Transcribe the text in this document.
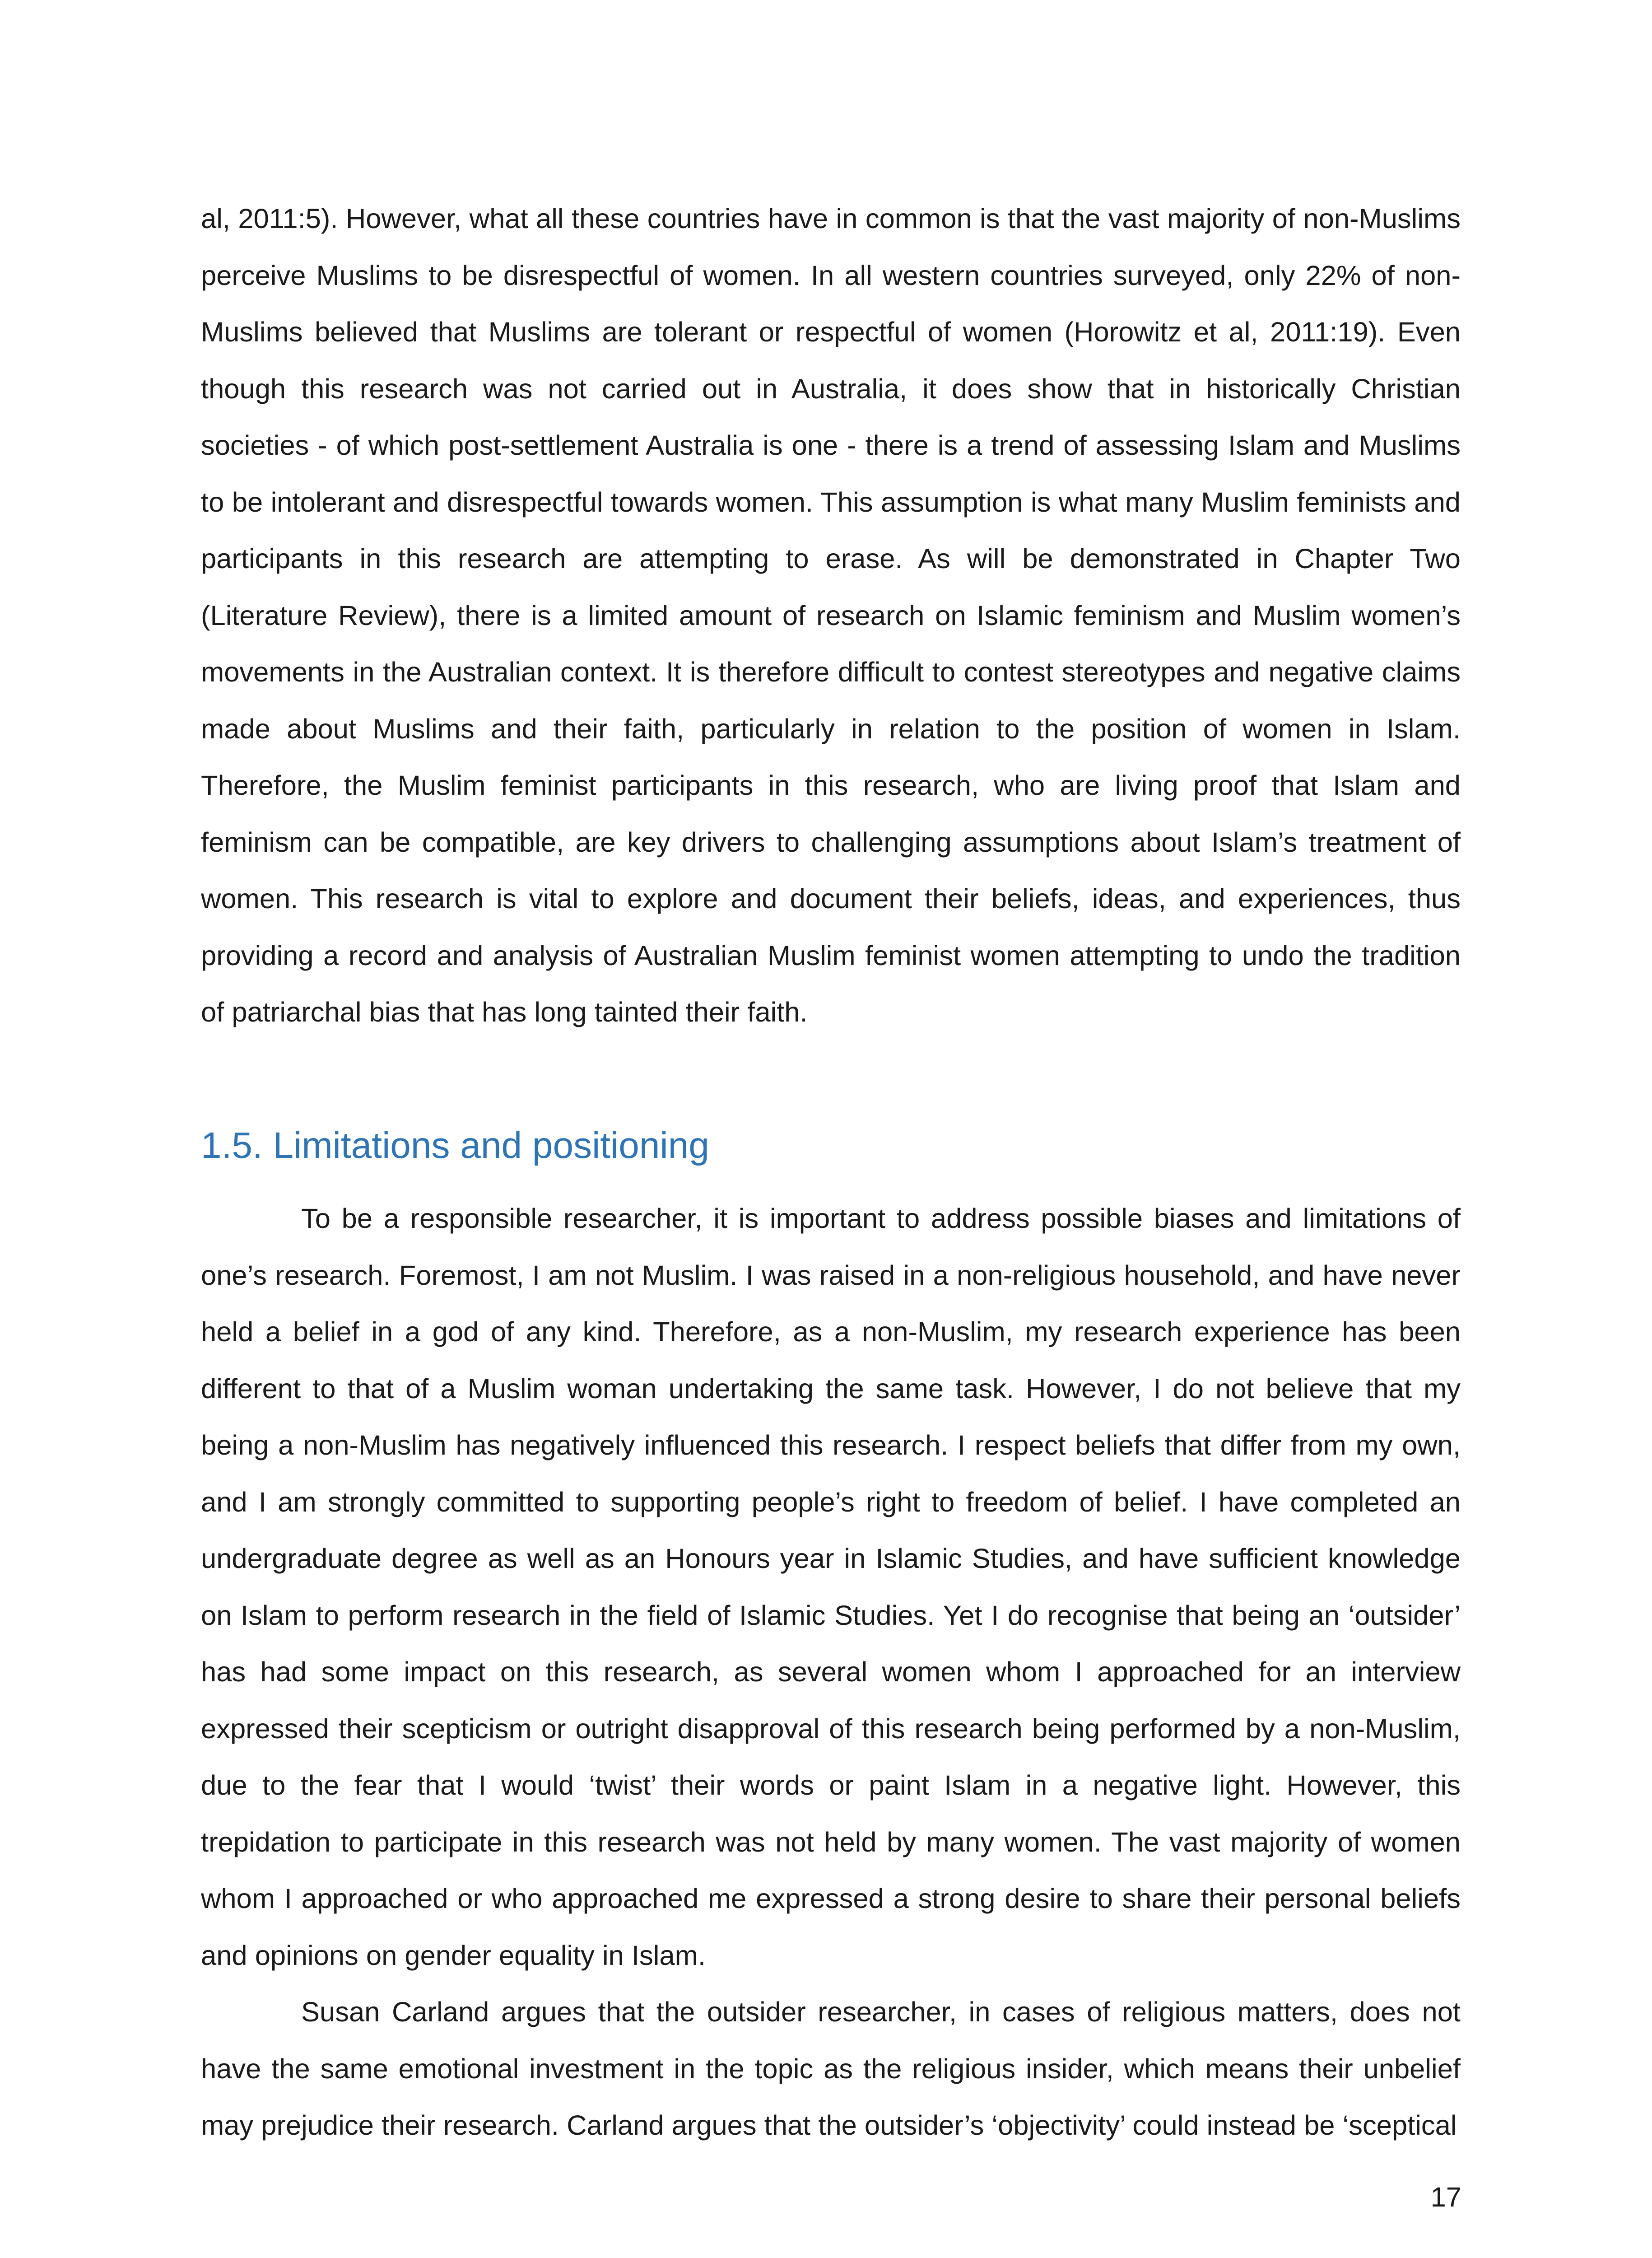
al, 2011:5). However, what all these countries have in common is that the vast majority of non-Muslims perceive Muslims to be disrespectful of women. In all western countries surveyed, only 22% of non-Muslims believed that Muslims are tolerant or respectful of women (Horowitz et al, 2011:19). Even though this research was not carried out in Australia, it does show that in historically Christian societies - of which post-settlement Australia is one - there is a trend of assessing Islam and Muslims to be intolerant and disrespectful towards women. This assumption is what many Muslim feminists and participants in this research are attempting to erase. As will be demonstrated in Chapter Two (Literature Review), there is a limited amount of research on Islamic feminism and Muslim women’s movements in the Australian context. It is therefore difficult to contest stereotypes and negative claims made about Muslims and their faith, particularly in relation to the position of women in Islam. Therefore, the Muslim feminist participants in this research, who are living proof that Islam and feminism can be compatible, are key drivers to challenging assumptions about Islam’s treatment of women. This research is vital to explore and document their beliefs, ideas, and experiences, thus providing a record and analysis of Australian Muslim feminist women attempting to undo the tradition of patriarchal bias that has long tainted their faith.

1.5. Limitations and positioning

To be a responsible researcher, it is important to address possible biases and limitations of one’s research. Foremost, I am not Muslim. I was raised in a non-religious household, and have never held a belief in a god of any kind. Therefore, as a non-Muslim, my research experience has been different to that of a Muslim woman undertaking the same task. However, I do not believe that my being a non-Muslim has negatively influenced this research. I respect beliefs that differ from my own, and I am strongly committed to supporting people’s right to freedom of belief. I have completed an undergraduate degree as well as an Honours year in Islamic Studies, and have sufficient knowledge on Islam to perform research in the field of Islamic Studies. Yet I do recognise that being an ‘outsider’ has had some impact on this research, as several women whom I approached for an interview expressed their scepticism or outright disapproval of this research being performed by a non-Muslim, due to the fear that I would ‘twist’ their words or paint Islam in a negative light. However, this trepidation to participate in this research was not held by many women. The vast majority of women whom I approached or who approached me expressed a strong desire to share their personal beliefs and opinions on gender equality in Islam.

Susan Carland argues that the outsider researcher, in cases of religious matters, does not have the same emotional investment in the topic as the religious insider, which means their unbelief may prejudice their research. Carland argues that the outsider’s ‘objectivity’ could instead be ‘sceptical

17
